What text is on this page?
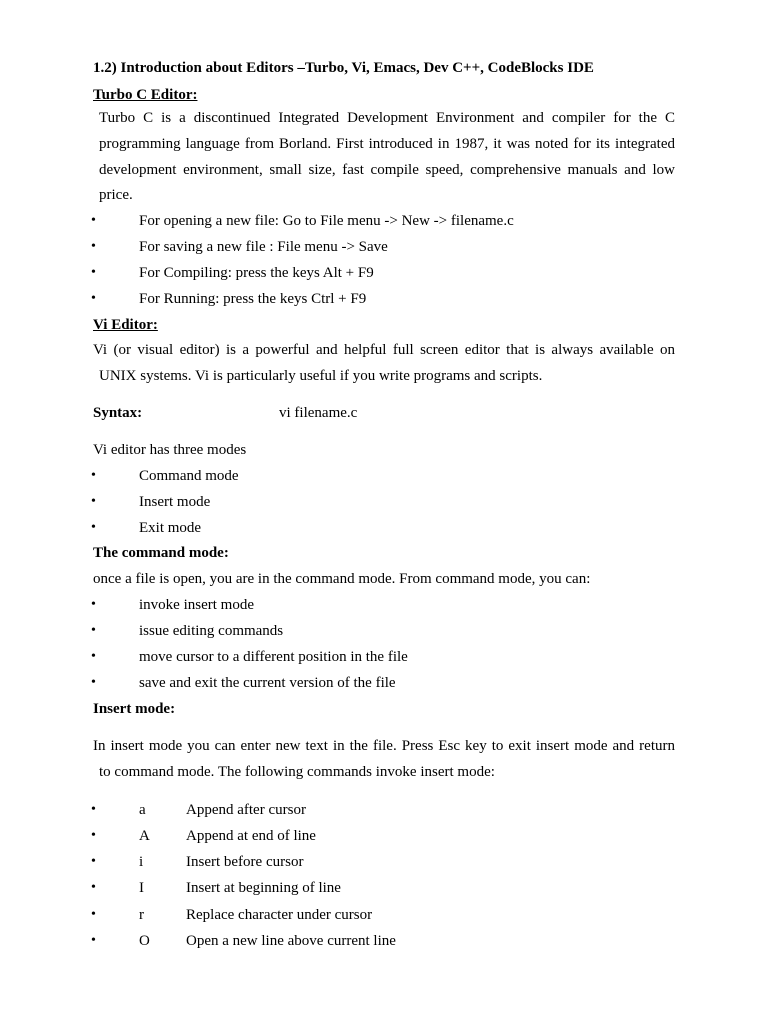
1.2) Introduction about Editors –Turbo, Vi, Emacs, Dev C++, CodeBlocks IDE
Turbo C Editor:
Turbo C is a discontinued Integrated Development Environment and compiler for the C
programming language from Borland. First introduced in 1987, it was noted for its integrated
development environment, small size, fast compile speed, comprehensive manuals and low
price.
•	For opening a new file: Go to File menu -> New -> filename.c
•	For saving a new file : File menu -> Save
•	For Compiling: press the keys Alt + F9
•	For Running: press the keys Ctrl + F9
Vi Editor:
Vi (or visual editor) is a powerful and helpful full screen editor that is always available on
UNIX systems. Vi is particularly useful if you write programs and scripts.
Syntax:	vi filename.c
Vi editor has three modes
•	Command mode
•	Insert mode
•	Exit mode
The command mode:
once a file is open, you are in the command mode. From command mode, you can:
•	invoke insert mode
•	issue editing commands
•	move cursor to a different position in the file
•	save and exit the current version of the file
Insert mode:
In insert mode you can enter new text in the file. Press Esc key to exit insert mode and return
to command mode. The following commands invoke insert mode:
•	a	Append after cursor
•	A Append at end of line
•	i	Insert before cursor
•	I	Insert at beginning of line
•	r	Replace character under cursor
•	O Open a new line above current line
